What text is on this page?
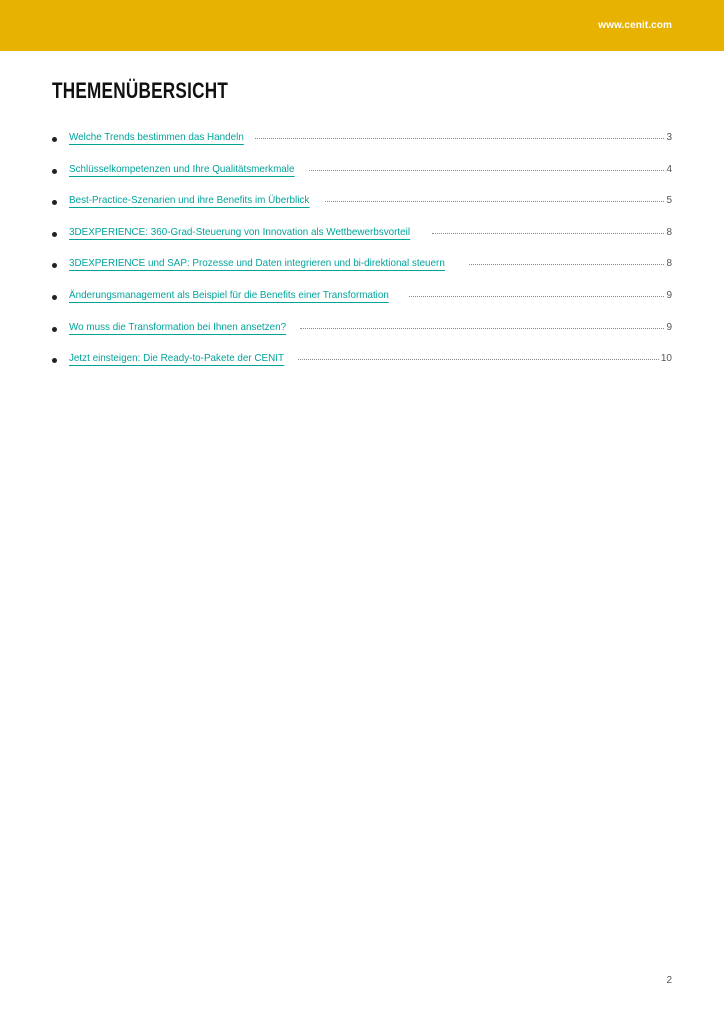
www.cenit.com
THEMENÜBERSICHT
Welche Trends bestimmen das Handeln	3
Schlüsselkompetenzen und Ihre Qualitätsmerkmale	4
Best-Practice-Szenarien und ihre Benefits im Überblick	5
3DEXPERIENCE: 360-Grad-Steuerung von Innovation als Wettbewerbsvorteil	8
3DEXPERIENCE und SAP: Prozesse und Daten integrieren und bi-direktional steuern	8
Änderungsmanagement als Beispiel für die Benefits einer Transformation	9
Wo muss die Transformation bei Ihnen ansetzen?	9
Jetzt einsteigen: Die Ready-to-Pakete der CENIT	10
2
